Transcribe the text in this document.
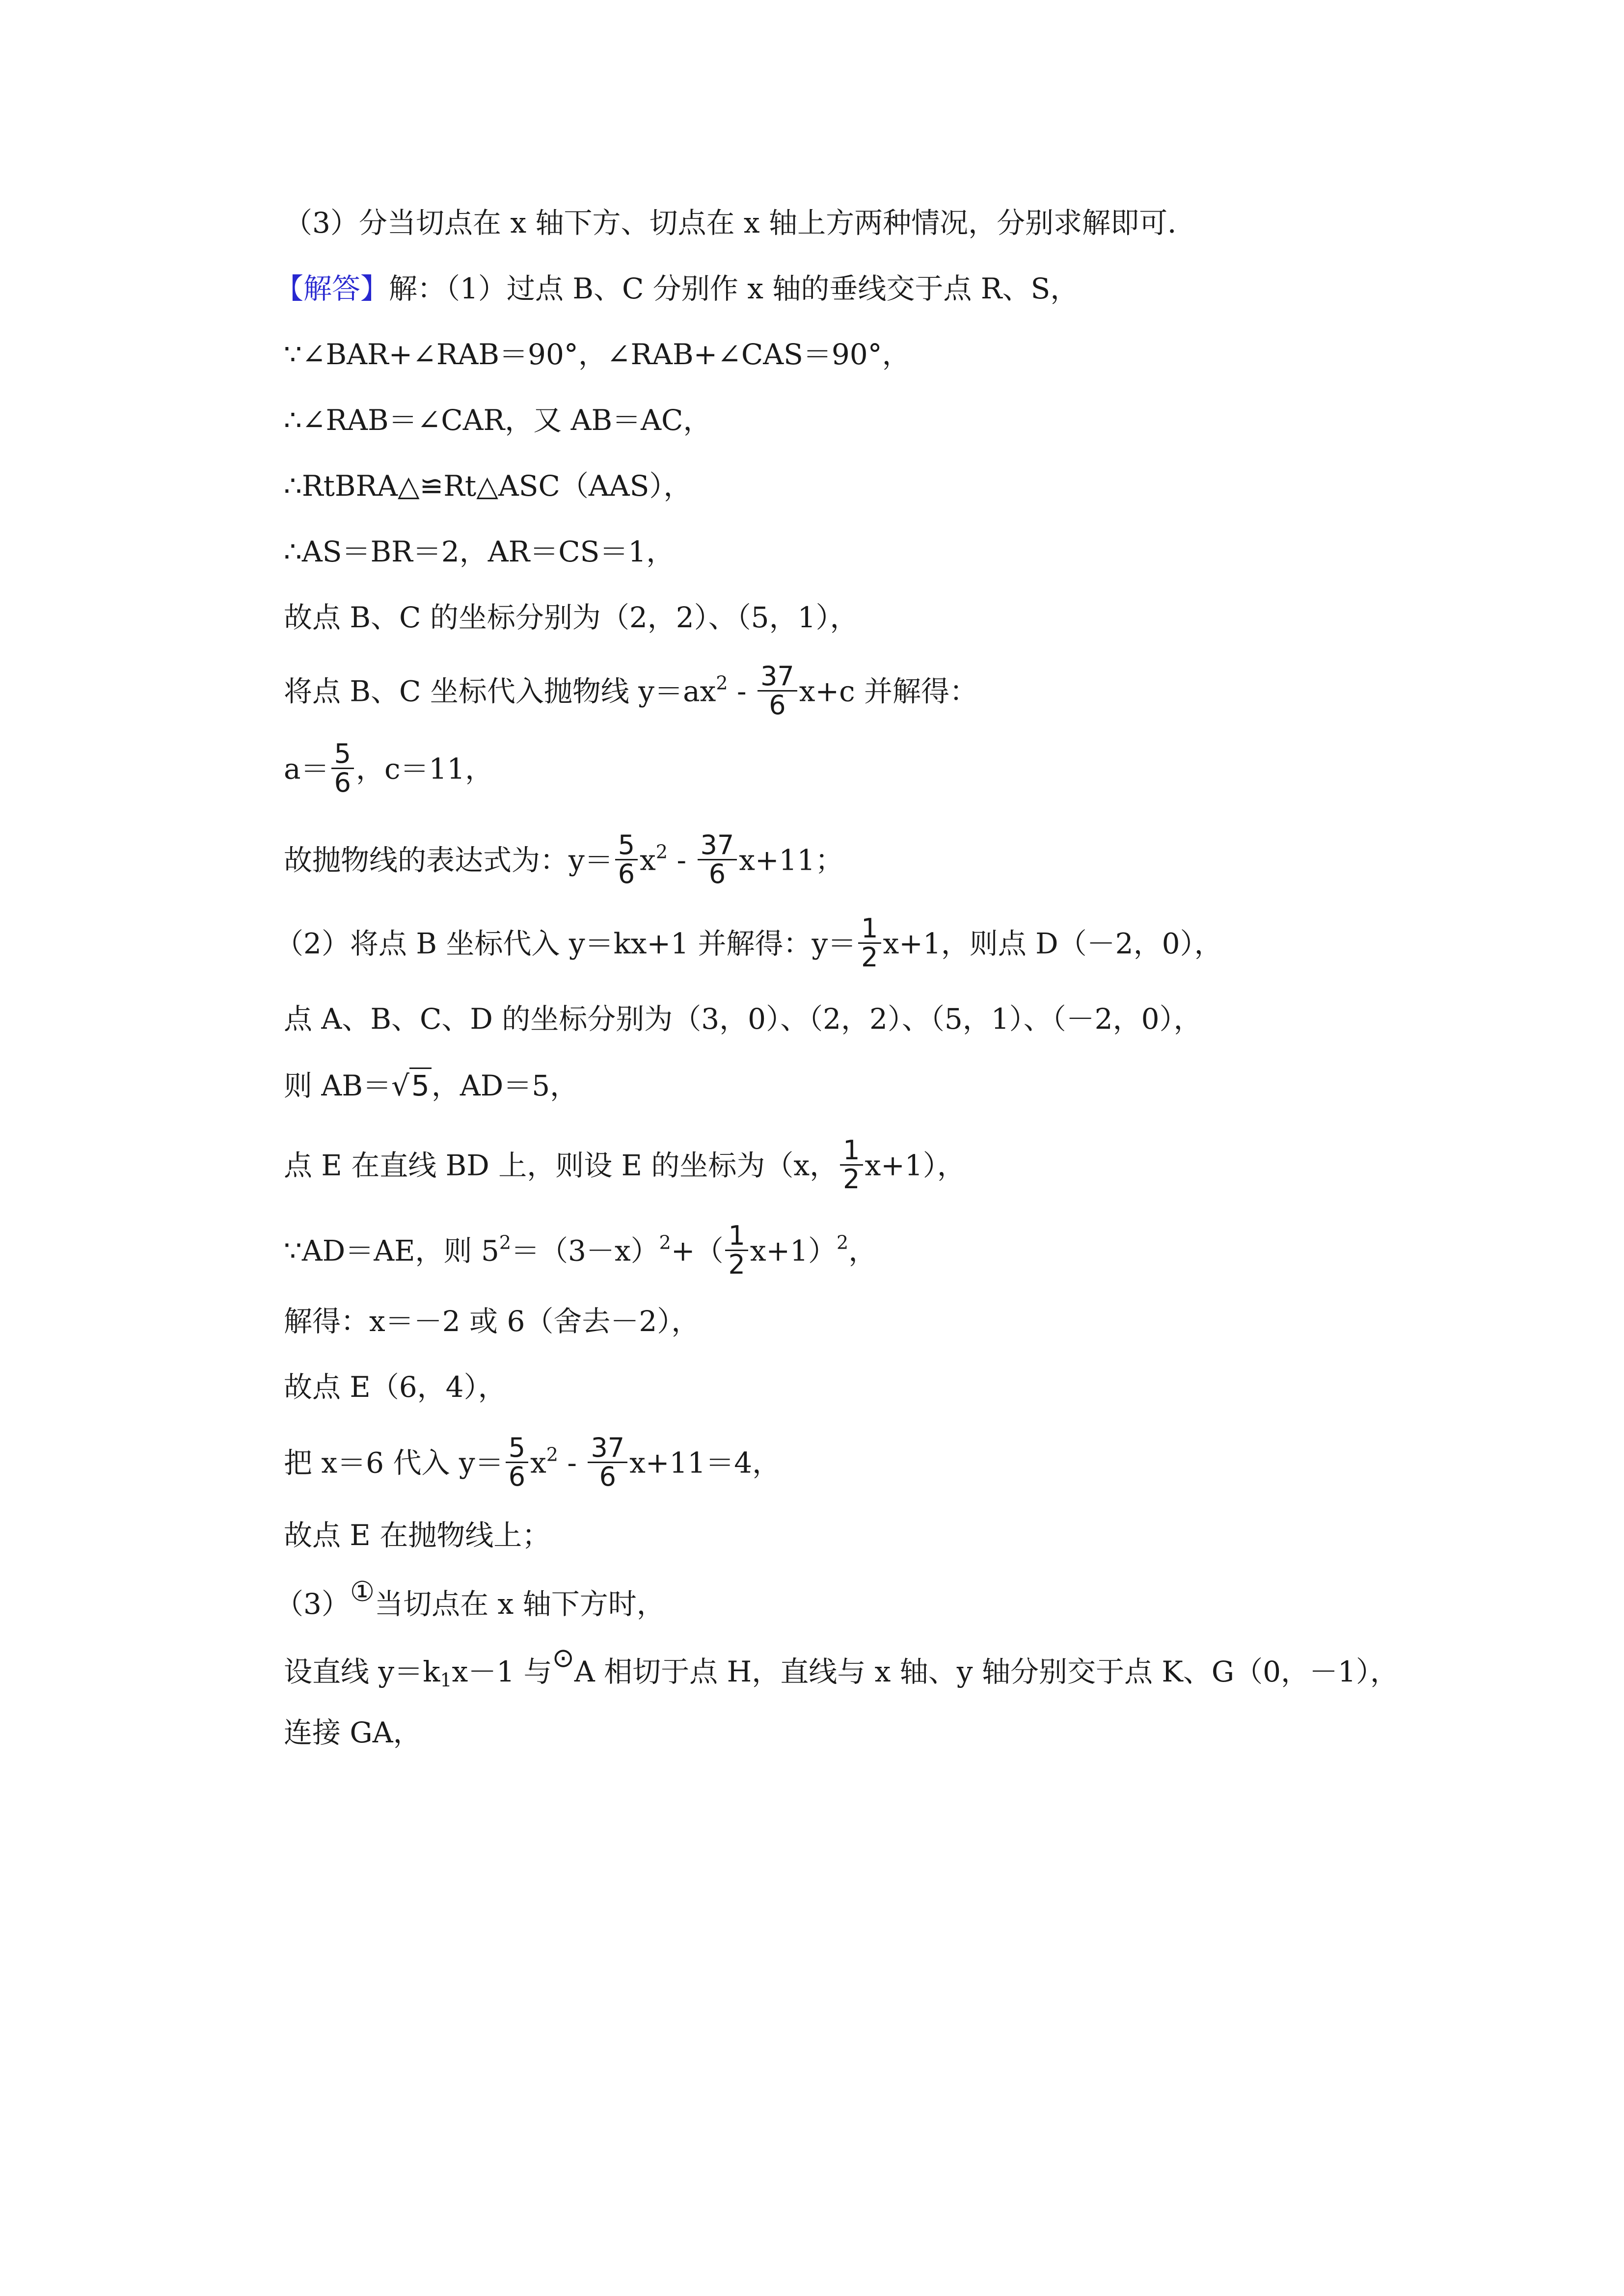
（3）分当切点在 x 轴下方、切点在 x 轴上方两种情况，分别求解即可．
【解答】解：（1）过点 B、C 分别作 x 轴的垂线交于点 R、S，
∵∠BAR+∠RAB＝90°，∠RAB+∠CAS＝90°，
∴∠RAB＝∠CAR，又 AB＝AC，
∴RtBRA△≌Rt△ASC（AAS），
∴AS＝BR＝2，AR＝CS＝1，
故点 B、C 的坐标分别为（2，2）、（5，1），
将点 B、C 坐标代入抛物线 $y=ax^2 - \frac{37}{6} x+c$ 并解得：
$a= \frac{5}{6}$ ，c＝11，
故抛物线的表达式为：$y= \frac{5}{6} x^2 - \frac{37}{6} x+11$；
（2）将点 B 坐标代入 y＝kx+1 并解得：$y= \frac{1}{2} x+1$，则点 D（－2，0），
点 A、B、C、D 的坐标分别为（3，0）、（2，2）、（5，1）、（－2，0），
则 AB＝√5，AD＝5，
点 E 在直线 BD 上，则设 E 的坐标为（x， $\frac{1}{2} x+1$），
∵AD＝AE，则 $5^2=(3-x)^2+( \frac{1}{2} x+1)^2$，
解得：x＝－2 或 6（舍去－2），
故点 E（6，4），
把 x＝6 代入 $y= \frac{5}{6} x^2 - \frac{37}{6} x+11=4$，
故点 E 在抛物线上；
（3）①当切点在 x 轴下方时，
设直线 $y=k_1x-1$ 与⊙A 相切于点 H，直线与 x 轴、y 轴分别交于点 K、G（0，－1），
连接 GA，
